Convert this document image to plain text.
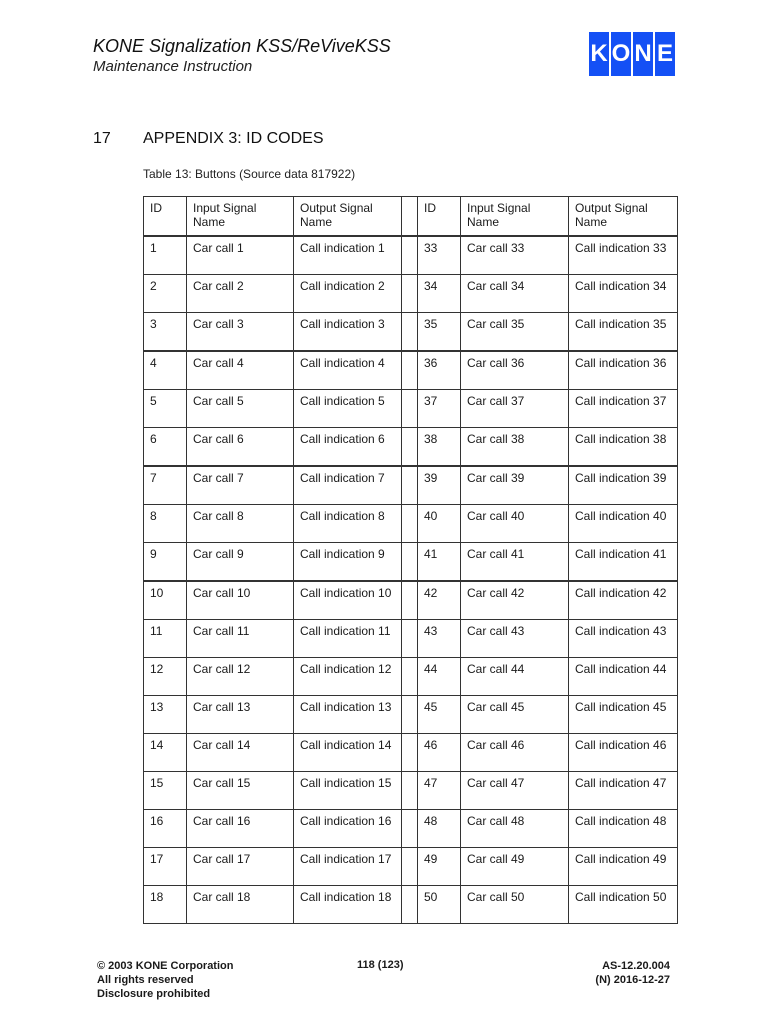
KONE Signalization KSS/ReViveKSS
Maintenance Instruction	K O N E
17 APPENDIX 3: ID CODES
Table 13: Buttons (Source data 817922)
ID	Input Signal Name	Output Signal Name		ID	Input Signal Name	Output Signal Name
1	Car call 1	Call indication 1		33	Car call 33	Call indication 33
2	Car call 2	Call indication 2		34	Car call 34	Call indication 34
3	Car call 3	Call indication 3		35	Car call 35	Call indication 35
4	Car call 4	Call indication 4		36	Car call 36	Call indication 36
5	Car call 5	Call indication 5		37	Car call 37	Call indication 37
6	Car call 6	Call indication 6		38	Car call 38	Call indication 38
7	Car call 7	Call indication 7		39	Car call 39	Call indication 39
8	Car call 8	Call indication 8		40	Car call 40	Call indication 40
9	Car call 9	Call indication 9		41	Car call 41	Call indication 41
10	Car call 10	Call indication 10		42	Car call 42	Call indication 42
11	Car call 11	Call indication 11		43	Car call 43	Call indication 43
12	Car call 12	Call indication 12		44	Car call 44	Call indication 44
13	Car call 13	Call indication 13		45	Car call 45	Call indication 45
14	Car call 14	Call indication 14		46	Car call 46	Call indication 46
15	Car call 15	Call indication 15		47	Car call 47	Call indication 47
16	Car call 16	Call indication 16		48	Car call 48	Call indication 48
17	Car call 17	Call indication 17		49	Car call 49	Call indication 49
18	Car call 18	Call indication 18		50	Car call 50	Call indication 50
© 2003 KONE Corporation
All rights reserved
Disclosure prohibited
118 (123)	AS-12.20.004
(N) 2016-12-27
